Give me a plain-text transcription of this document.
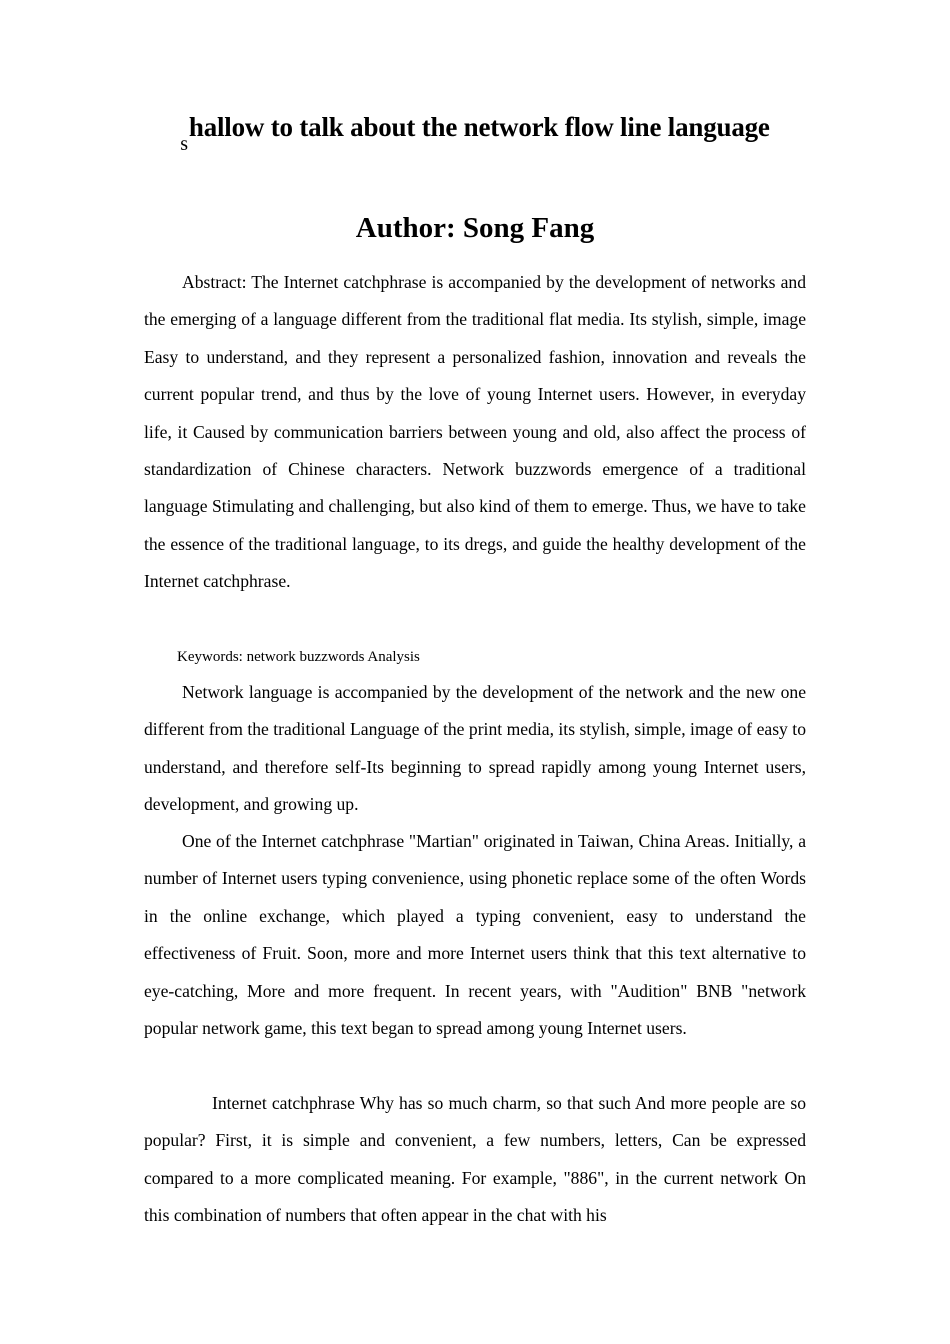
$_s$hallow to talk about the network flow line language
Author: Song Fang
Abstract: The Internet catchphrase is accompanied by the development of networks and the emerging of a language different from the traditional flat media. Its stylish, simple, image Easy to understand, and they represent a personalized fashion, innovation and reveals the current popular trend, and thus by the love of young Internet users. However, in everyday life, it Caused by communication barriers between young and old, also affect the process of standardization of Chinese characters. Network buzzwords emergence of a traditional language Stimulating and challenging, but also kind of them to emerge. Thus, we have to take the essence of the traditional language, to its dregs, and guide the healthy development of the Internet catchphrase.
Keywords: network buzzwords Analysis
Network language is accompanied by the development of the network and the new one different from the traditional Language of the print media, its stylish, simple, image of easy to understand, and therefore self-Its beginning to spread rapidly among young Internet users, development, and growing up.
One of the Internet catchphrase "Martian" originated in Taiwan, China Areas. Initially, a number of Internet users typing convenience, using phonetic replace some of the often Words in the online exchange, which played a typing convenient, easy to understand the effectiveness of Fruit. Soon, more and more Internet users think that this text alternative to eye-catching, More and more frequent. In recent years, with "Audition" BNB "network popular network game, this text began to spread among young Internet users.
Internet catchphrase Why has so much charm, so that such And more people are so popular? First, it is simple and convenient, a few numbers, letters, Can be expressed compared to a more complicated meaning. For example, "886", in the current network On this combination of numbers that often appear in the chat with his
